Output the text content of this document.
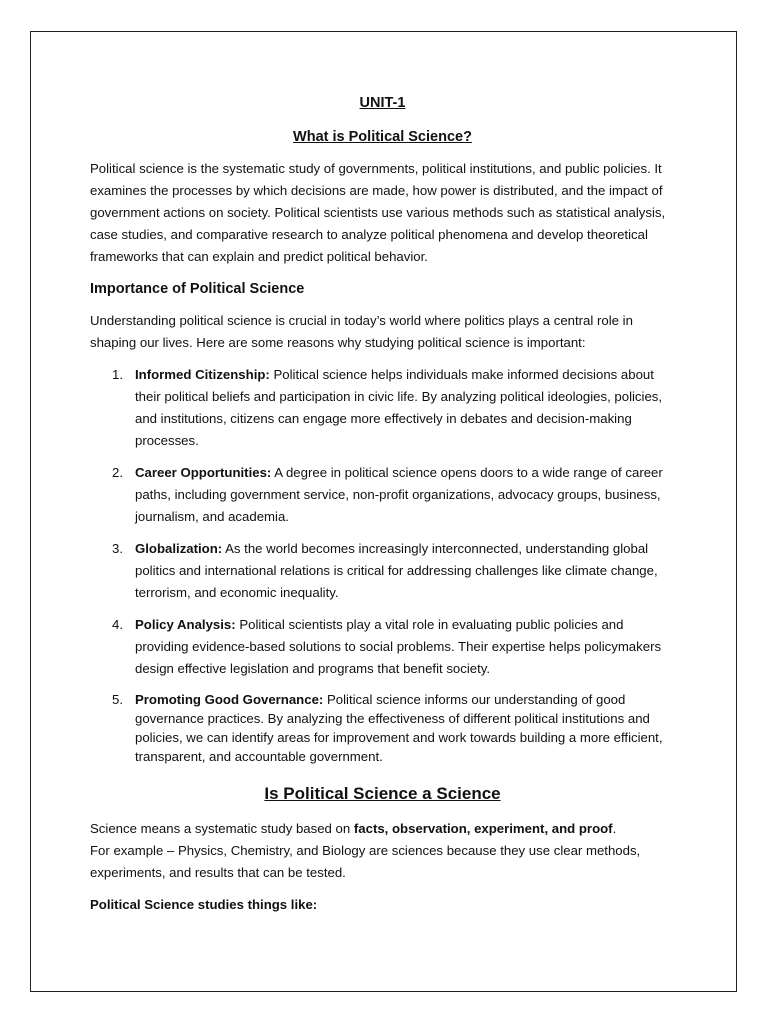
UNIT-1
What is Political Science?

Political science is the systematic study of governments, political institutions, and public policies. It examines the processes by which decisions are made, how power is distributed, and the impact of government actions on society. Political scientists use various methods such as statistical analysis, case studies, and comparative research to analyze political phenomena and develop theoretical frameworks that can explain and predict political behavior.

Importance of Political Science

Understanding political science is crucial in today’s world where politics plays a central role in shaping our lives. Here are some reasons why studying political science is important:

1. Informed Citizenship: Political science helps individuals make informed decisions about their political beliefs and participation in civic life. By analyzing political ideologies, policies, and institutions, citizens can engage more effectively in debates and decision-making processes.
2. Career Opportunities: A degree in political science opens doors to a wide range of career paths, including government service, non-profit organizations, advocacy groups, business, journalism, and academia.
3. Globalization: As the world becomes increasingly interconnected, understanding global politics and international relations is critical for addressing challenges like climate change, terrorism, and economic inequality.
4. Policy Analysis: Political scientists play a vital role in evaluating public policies and providing evidence-based solutions to social problems. Their expertise helps policymakers design effective legislation and programs that benefit society.
5. Promoting Good Governance: Political science informs our understanding of good governance practices. By analyzing the effectiveness of different political institutions and policies, we can identify areas for improvement and work towards building a more efficient, transparent, and accountable government.
Is Political Science a Science

Science means a systematic study based on facts, observation, experiment, and proof.
For example – Physics, Chemistry, and Biology are sciences because they use clear methods, experiments, and results that can be tested.

Political Science studies things like:
